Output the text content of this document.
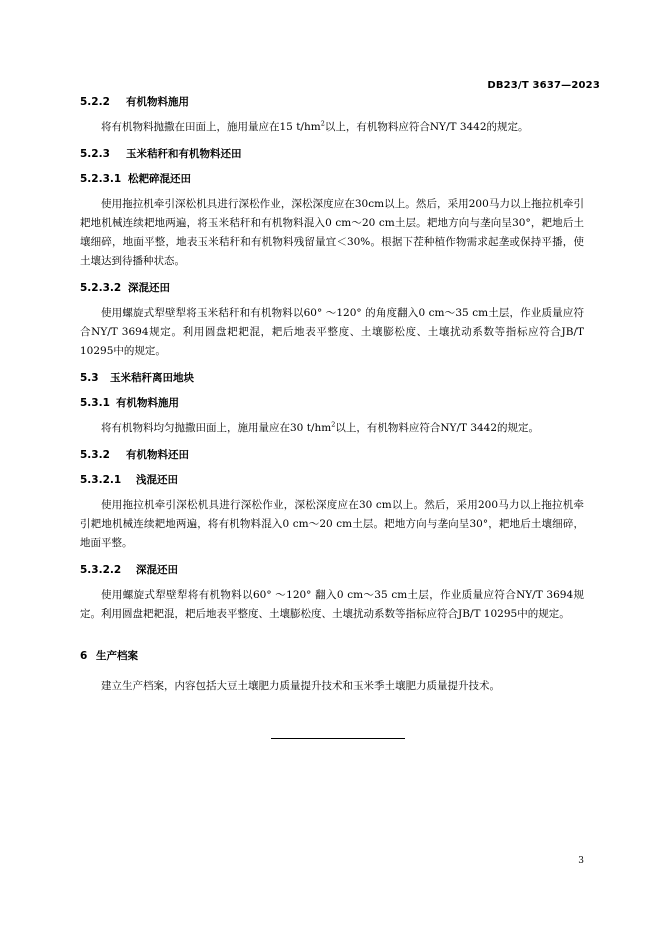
DB23/T 3637—2023

5.2.2 有机物料施用

将有机物料抛撒在田面上，施用量应在15 $t/hm^2$以上，有机物料应符合NY/T 3442的规定。

5.2.3 玉米秸秆和有机物料还田

5.2.3.1 松耙碎混还田

使用拖拉机牵引深松机具进行深松作业，深松深度应在30cm以上。然后，采用200马力以上拖拉机牵引耙地机械连续耙地两遍，将玉米秸秆和有机物料混入0 cm～20 cm土层。耙地方向与垄向呈30°，耙地后土壤细碎，地面平整，地表玉米秸秆和有机物料残留量宜＜30%。根据下茬种植作物需求起垄或保持平播，使土壤达到待播种状态。

5.2.3.2 深混还田

使用螺旋式犁壁犁将玉米秸秆和有机物料以60° ～120° 的角度翻入0 cm～35 cm土层，作业质量应符合NY/T 3694规定。利用圆盘耙耙混，耙后地表平整度、土壤膨松度、土壤扰动系数等指标应符合JB/T 10295中的规定。

5.3 玉米秸秆离田地块

5.3.1 有机物料施用

将有机物料均匀抛撒田面上，施用量应在30 $t/hm^2$以上，有机物料应符合NY/T 3442的规定。

5.3.2 有机物料还田

5.3.2.1 浅混还田

使用拖拉机牵引深松机具进行深松作业，深松深度应在30 cm以上。然后，采用200马力以上拖拉机牵引耙地机械连续耙地两遍，将有机物料混入0 cm～20 cm土层。耙地方向与垄向呈30°，耙地后土壤细碎，地面平整。

5.3.2.2 深混还田

使用螺旋式犁壁犁将有机物料以60° ～120° 翻入0 cm～35 cm土层，作业质量应符合NY/T 3694规定。利用圆盘耙耙混，耙后地表平整度、土壤膨松度、土壤扰动系数等指标应符合JB/T 10295中的规定。

6 生产档案

建立生产档案，内容包括大豆土壤肥力质量提升技术和玉米季土壤肥力质量提升技术。

3
